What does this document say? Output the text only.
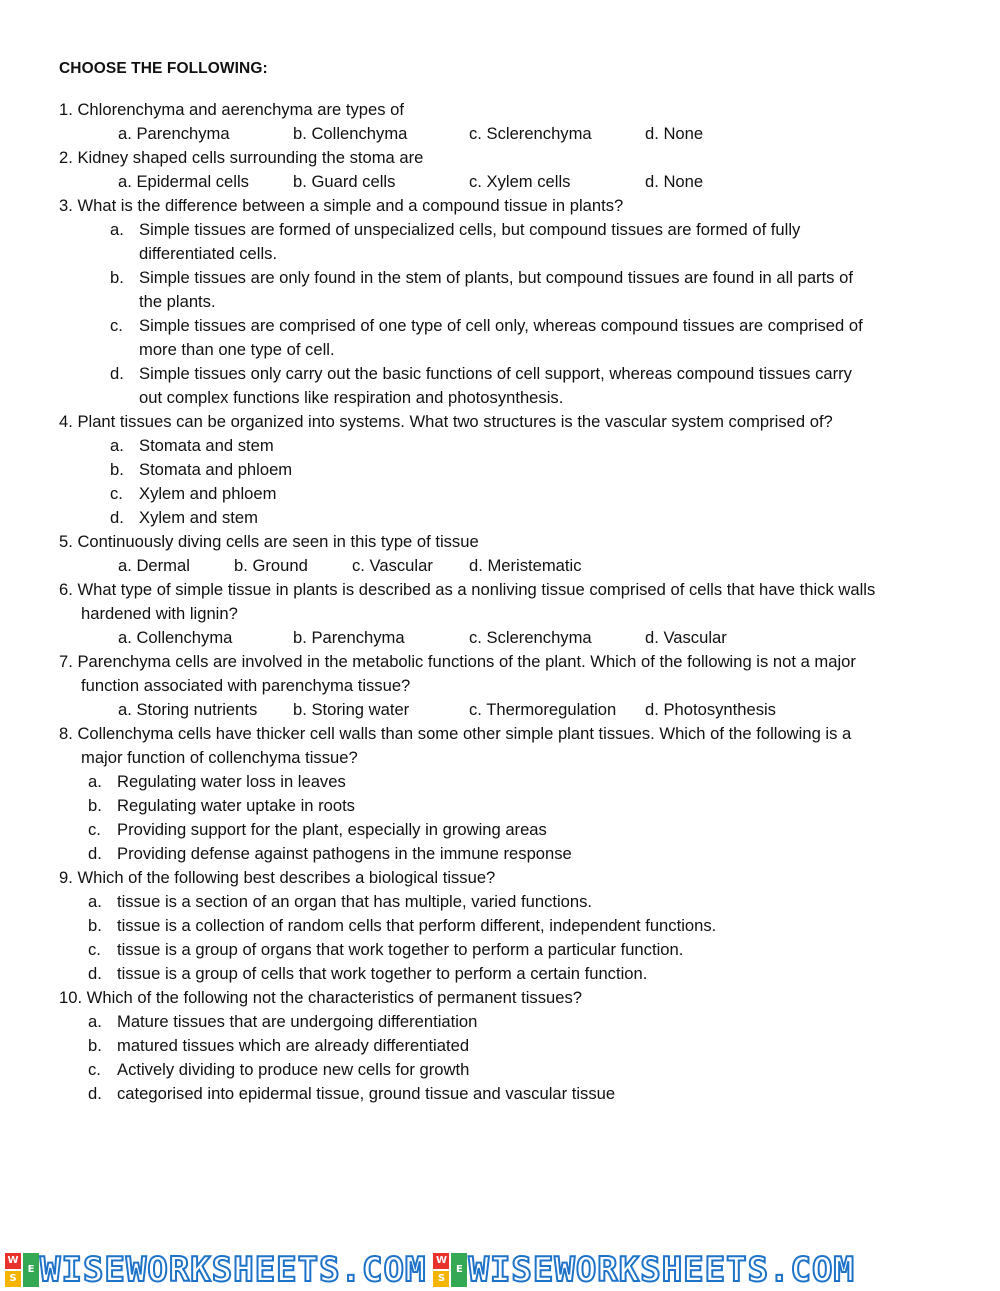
CHOOSE THE FOLLOWING:
1. Chlorenchyma and aerenchyma are types of
a. Parenchyma	b. Collenchyma	c. Sclerenchyma	d. None
2. Kidney shaped cells surrounding the stoma are
a. Epidermal cells	b. Guard cells	c. Xylem cells	d. None
3. What is the difference between a simple and a compound tissue in plants?
a. Simple tissues are formed of unspecialized cells, but compound tissues are formed of fully
differentiated cells.
b. Simple tissues are only found in the stem of plants, but compound tissues are found in all parts of
the plants.
c. Simple tissues are comprised of one type of cell only, whereas compound tissues are comprised of
more than one type of cell.
d. Simple tissues only carry out the basic functions of cell support, whereas compound tissues carry
out complex functions like respiration and photosynthesis.
4. Plant tissues can be organized into systems. What two structures is the vascular system comprised of?
a. Stomata and stem
b. Stomata and phloem
c. Xylem and phloem
d. Xylem and stem
5. Continuously diving cells are seen in this type of tissue
a. Dermal	b. Ground	c. Vascular d. Meristematic
6. What type of simple tissue in plants is described as a nonliving tissue comprised of cells that have thick walls
hardened with lignin?
a. Collenchyma	b. Parenchyma	c. Sclerenchyma	d. Vascular
7. Parenchyma cells are involved in the metabolic functions of the plant. Which of the following is not a major
function associated with parenchyma tissue?
a. Storing nutrients b. Storing water	c. Thermoregulation d. Photosynthesis
8. Collenchyma cells have thicker cell walls than some other simple plant tissues. Which of the following is a
major function of collenchyma tissue?
a. Regulating water loss in leaves
b. Regulating water uptake in roots
c. Providing support for the plant, especially in growing areas
d. Providing defense against pathogens in the immune response
9. Which of the following best describes a biological tissue?
a. tissue is a section of an organ that has multiple, varied functions.
b. tissue is a collection of random cells that perform different, independent functions.
c. tissue is a group of organs that work together to perform a particular function.
d. tissue is a group of cells that work together to perform a certain function.
10. Which of the following not the characteristics of permanent tissues?
a. Mature tissues that are undergoing differentiation
b. matured tissues which are already differentiated
c. Actively dividing to produce new cells for growth
d. categorised into epidermal tissue, ground tissue and vascular tissue
W
S
E WISEWORKSHEETS.COM W
S
E WISEWORKSHEETS.COM
